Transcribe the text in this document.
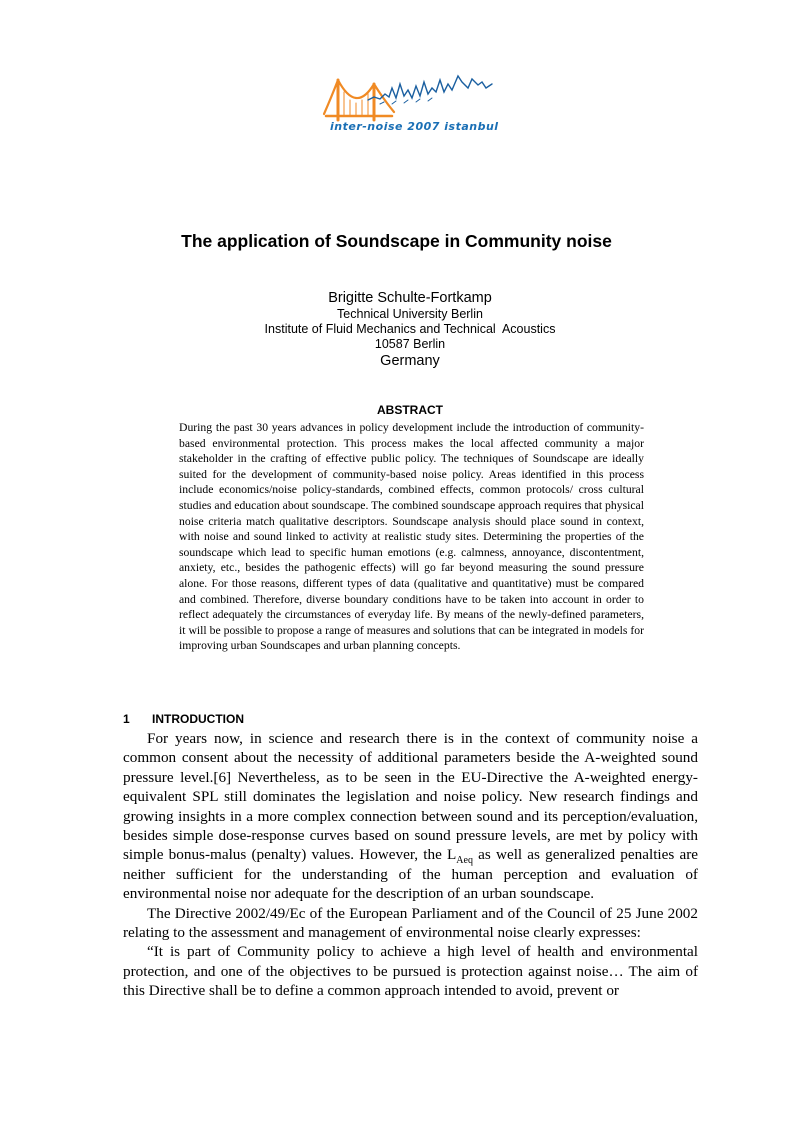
inter-noise 2007 istanbul
The application of Soundscape in Community noise
Brigitte Schulte-Fortkamp
Technical University Berlin
Institute of Fluid Mechanics and Technical  Acoustics
10587 Berlin
Germany
ABSTRACT
During the past 30 years advances in policy development include the introduction of community-based environmental protection. This process makes the local affected community a major stakeholder in the crafting of effective public policy. The techniques of Soundscape are ideally suited for the development of community-based noise policy. Areas identified in this process include economics/noise policy-standards, combined effects, common protocols/ cross cultural studies and education about soundscape. The combined soundscape approach requires that physical noise criteria match qualitative descriptors. Soundscape analysis should place sound in context, with noise and sound linked to activity at realistic study sites. Determining the properties of the soundscape which lead to specific human emotions (e.g. calmness, annoyance, discontentment, anxiety, etc., besides the pathogenic effects) will go far beyond measuring the sound pressure alone. For those reasons, different types of data (qualitative and quantitative) must be compared and combined. Therefore, diverse boundary conditions have to be taken into account in order to reflect adequately the circumstances of everyday life. By means of the newly-defined parameters, it will be possible to propose a range of measures and solutions that can be integrated in models for improving urban Soundscapes and urban planning concepts.
1 INTRODUCTION

For years now, in science and research there is in the context of community noise a common consent about the necessity of additional parameters beside the A-weighted sound pressure level.[6] Nevertheless, as to be seen in the EU-Directive the A-weighted energy-equivalent SPL still dominates the legislation and noise policy. New research findings and growing insights in a more complex connection between sound and its perception/evaluation, besides simple dose-response curves based on sound pressure levels, are met by policy with simple bonus-malus (penalty) values. However, the $L_{Aeq}$ as well as generalized penalties are neither sufficient for the understanding of the human perception and evaluation of environmental noise nor adequate for the description of an urban soundscape.

The Directive 2002/49/Ec of the European Parliament and of the Council of 25 June 2002 relating to the assessment and management of environmental noise clearly expresses:

“It is part of Community policy to achieve a high level of health and environmental protection, and one of the objectives to be pursued is protection against noise… The aim of this Directive shall be to define a common approach intended to avoid, prevent or
